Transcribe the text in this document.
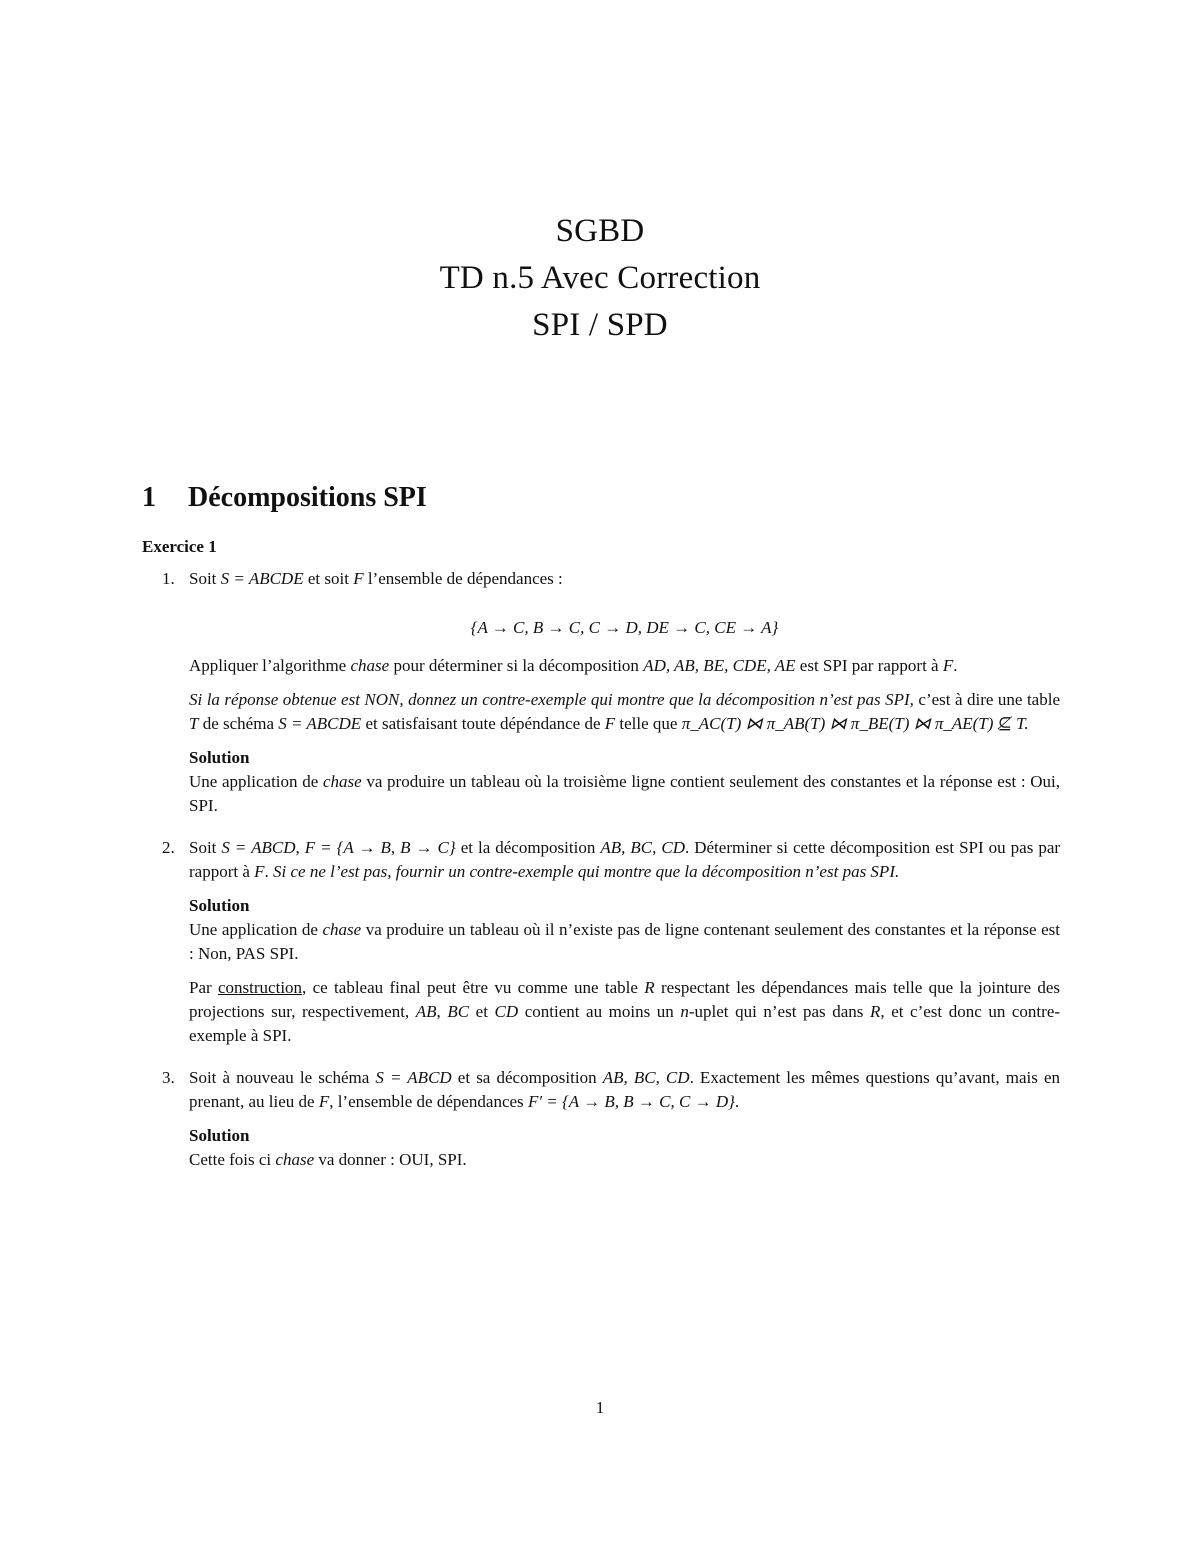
SGBD
TD n.5 Avec Correction
SPI / SPD
1 Décompositions SPI
Exercice 1
1. Soit S = ABCDE et soit F l’ensemble de dépendances :

{A → C, B → C, C → D, DE → C, CE → A}

Appliquer l’algorithme chase pour déterminer si la décomposition AD, AB, BE, CDE, AE est SPI par rapport à F.

Si la réponse obtenue est NON, donnez un contre-exemple qui montre que la décomposition n’est pas SPI, c’est à dire une table T de schéma S = ABCDE et satisfaisant toute dépéndance de F telle que π_AC(T) ⋈ π_AB(T) ⋈ π_BE(T) ⋈ π_AE(T) ⊈ T.

Solution
Une application de chase va produire un tableau où la troisième ligne contient seulement des constantes et la réponse est : Oui, SPI.

2. Soit S = ABCD, F = {A → B, B → C} et la décomposition AB, BC, CD. Déterminer si cette décomposition est SPI ou pas par rapport à F. Si ce ne l’est pas, fournir un contre-exemple qui montre que la décomposition n’est pas SPI.

Solution
Une application de chase va produire un tableau où il n’existe pas de ligne contenant seulement des constantes et la réponse est : Non, PAS SPI.

Par construction, ce tableau final peut être vu comme une table R respectant les dépendances mais telle que la jointure des projections sur, respectivement, AB, BC et CD contient au moins un n-uplet qui n’est pas dans R, et c’est donc un contre-exemple à SPI.

3. Soit à nouveau le schéma S = ABCD et sa décomposition AB, BC, CD. Exactement les mêmes questions qu’avant, mais en prenant, au lieu de F, l’ensemble de dépendances F′ = {A → B, B → C, C → D}.

Solution
Cette fois ci chase va donner : OUI, SPI.

1
